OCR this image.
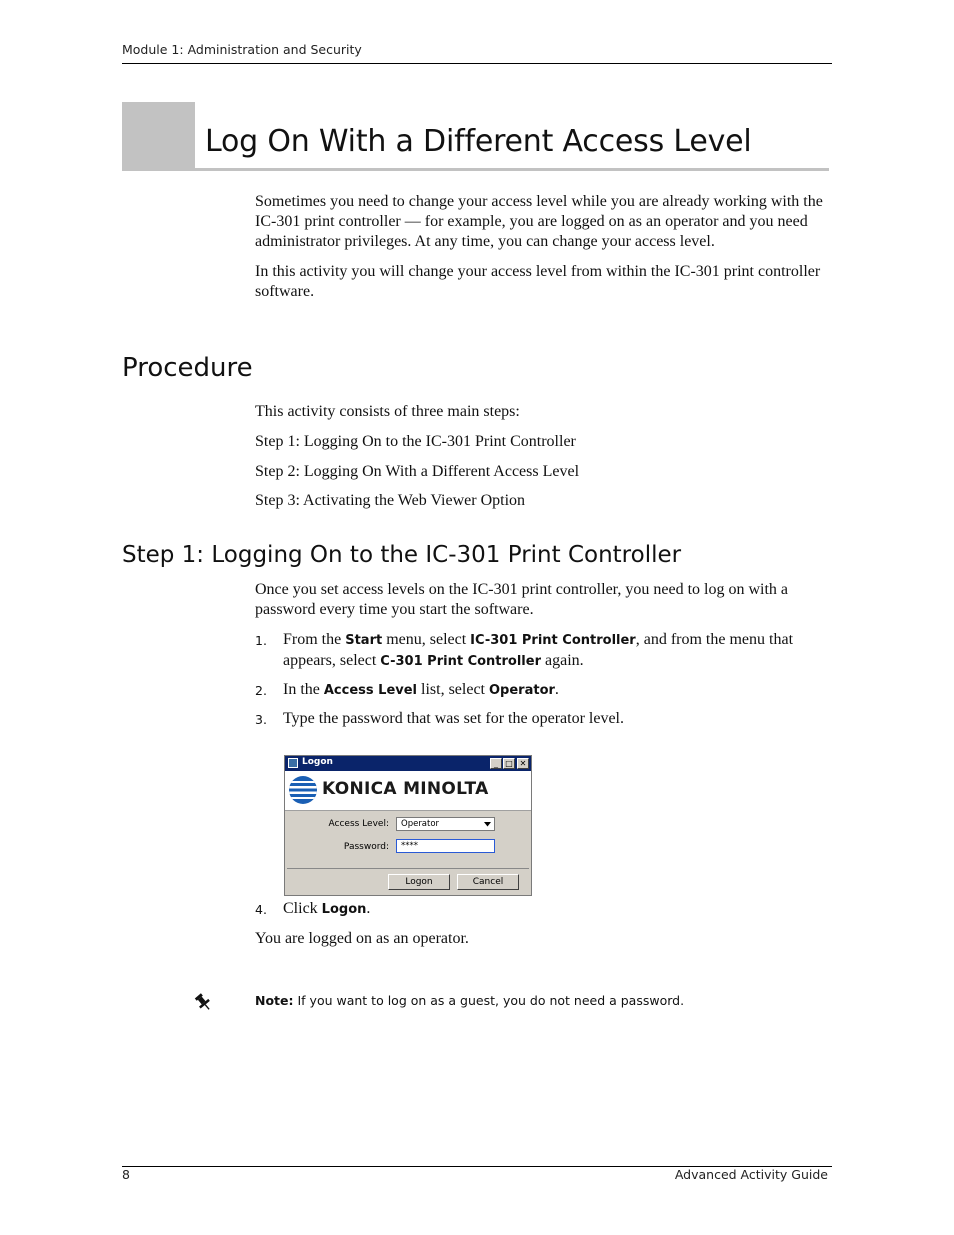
Module 1: Administration and Security
Log On With a Different Access Level

Sometimes you need to change your access level while you are already working with the IC-301 print controller — for example, you are logged on as an operator and you need administrator privileges. At any time, you can change your access level.

In this activity you will change your access level from within the IC-301 print controller software.

Procedure

This activity consists of three main steps:

Step 1: Logging On to the IC-301 Print Controller

Step 2: Logging On With a Different Access Level

Step 3: Activating the Web Viewer Option

Step 1: Logging On to the IC-301 Print Controller
Once you set access levels on the IC-301 print controller, you need to log on with a password every time you start the software.
1. From the Start menu, select IC-301 Print Controller, and from the menu that appears, select C-301 Print Controller again.
2. In the Access Level list, select Operator.
3. Type the password that was set for the operator level.
Logon	_ □ ✕
KONICA MINOLTA
Access Level:	Operator
Password:	****
Logon	Cancel
4. Click Logon.
You are logged on as an operator.
Note: If you want to log on as a guest, you do not need a password.
8	Advanced Activity Guide
